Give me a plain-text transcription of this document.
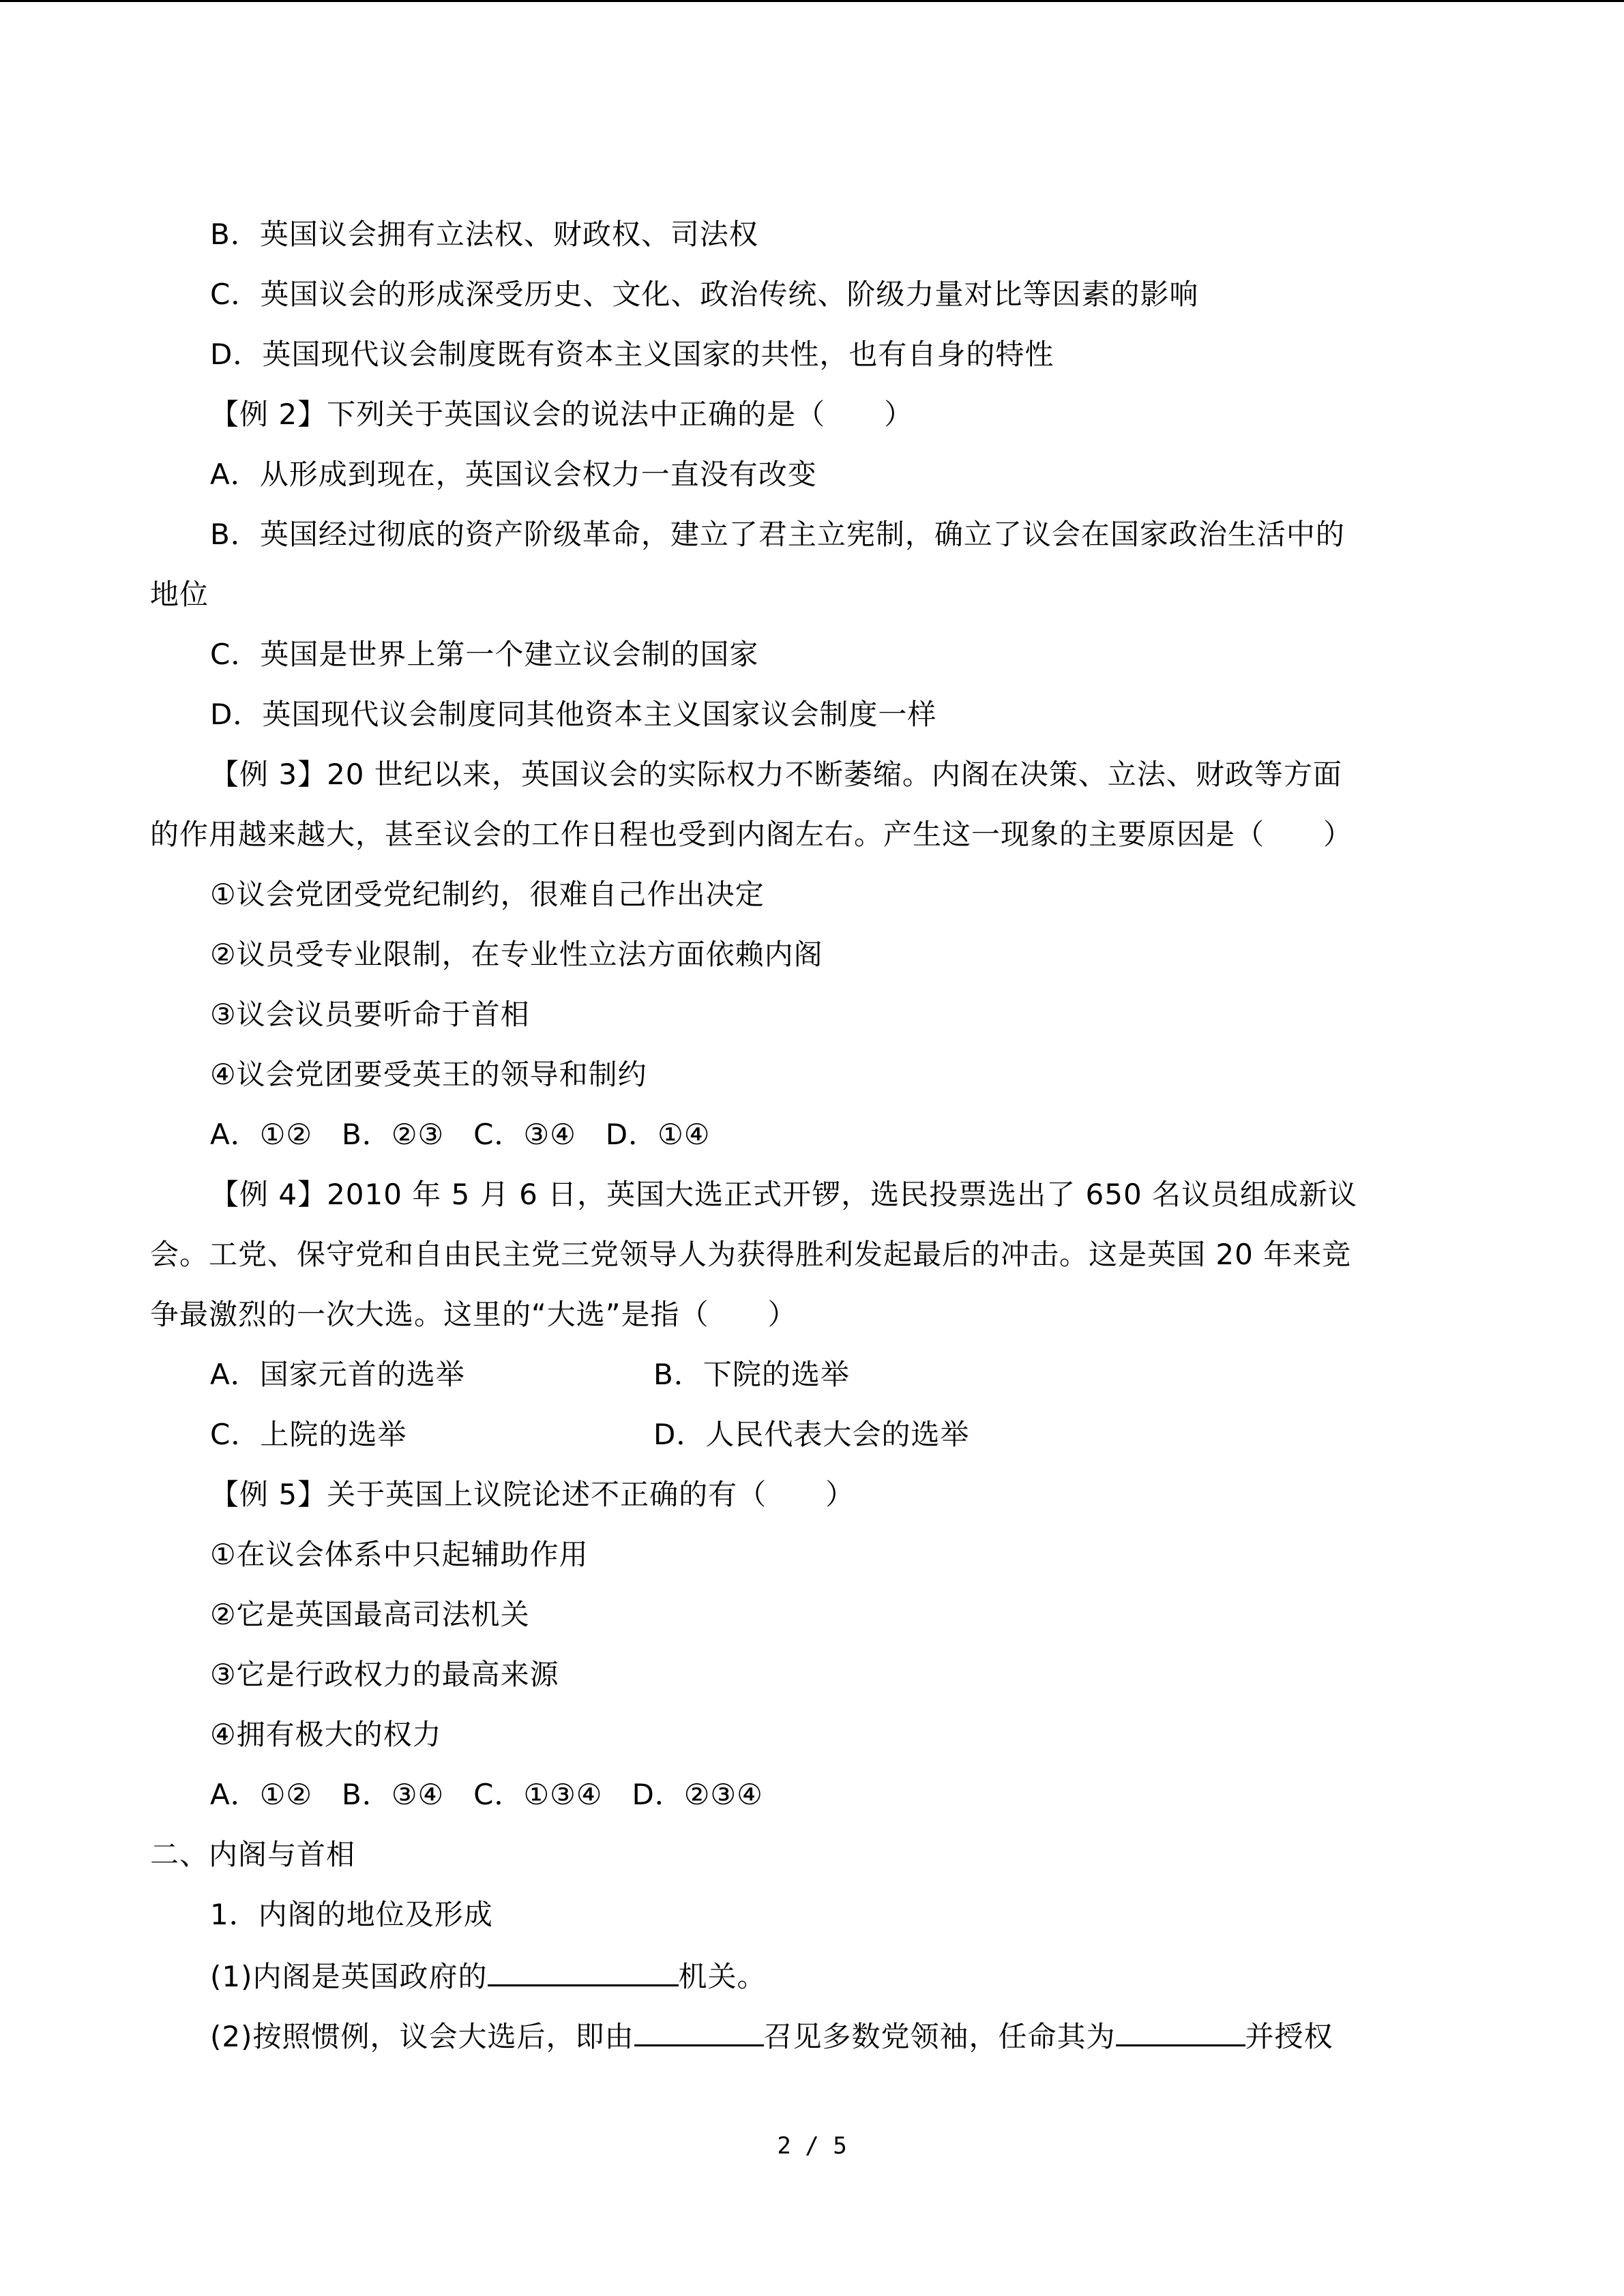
B．英国议会拥有立法权、财政权、司法权
C．英国议会的形成深受历史、文化、政治传统、阶级力量对比等因素的影响
D．英国现代议会制度既有资本主义国家的共性，也有自身的特性
【例 2】下列关于英国议会的说法中正确的是（　　）
A．从形成到现在，英国议会权力一直没有改变
B．英国经过彻底的资产阶级革命，建立了君主立宪制，确立了议会在国家政治生活中的
地位
C．英国是世界上第一个建立议会制的国家
D．英国现代议会制度同其他资本主义国家议会制度一样
【例 3】20 世纪以来，英国议会的实际权力不断萎缩。内阁在决策、立法、财政等方面
的作用越来越大，甚至议会的工作日程也受到内阁左右。产生这一现象的主要原因是（　　）
①议会党团受党纪制约，很难自己作出决定
②议员受专业限制，在专业性立法方面依赖内阁
③议会议员要听命于首相
④议会党团要受英王的领导和制约
A．①②　B．②③　C．③④　D．①④
【例 4】2010 年 5 月 6 日，英国大选正式开锣，选民投票选出了 650 名议员组成新议
会。工党、保守党和自由民主党三党领导人为获得胜利发起最后的冲击。这是英国 20 年来竞
争最激烈的一次大选。这里的“大选”是指（　　）
A．国家元首的选举	B．下院的选举
C．上院的选举	D．人民代表大会的选举
【例 5】关于英国上议院论述不正确的有（　　）
①在议会体系中只起辅助作用
②它是英国最高司法机关
③它是行政权力的最高来源
④拥有极大的权力
A．①②　B．③④　C．①③④　D．②③④
二、内阁与首相
1．内阁的地位及形成
(1)内阁是英国政府的	机关。
(2)按照惯例，议会大选后，即由	召见多数党领袖，任命其为	并授权
2 / 5
